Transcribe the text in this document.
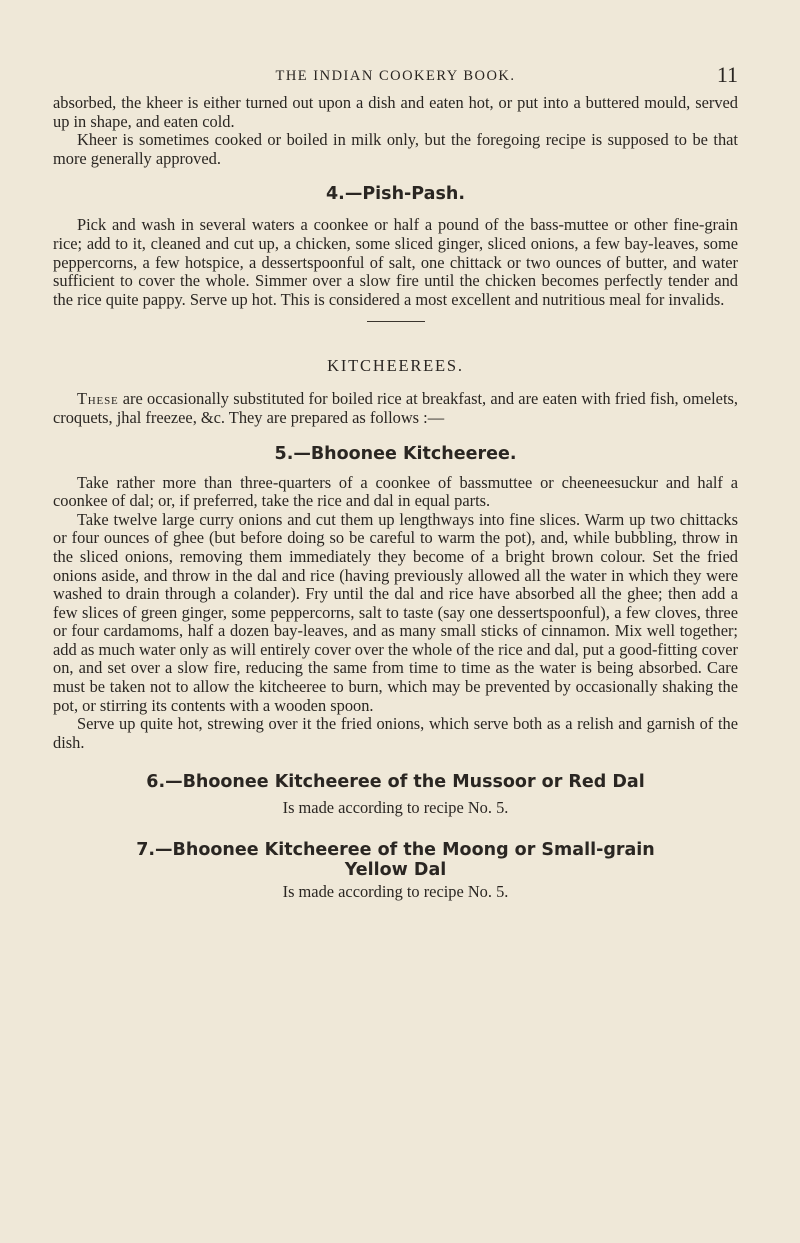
THE INDIAN COOKERY BOOK.	11

absorbed, the kheer is either turned out upon a dish and eaten hot, or put into a buttered mould, served up in shape, and eaten cold.

Kheer is sometimes cooked or boiled in milk only, but the foregoing recipe is supposed to be that more generally approved.

4.—Pish-Pash.

Pick and wash in several waters a coonkee or half a pound of the bass-muttee or other fine-grain rice; add to it, cleaned and cut up, a chicken, some sliced ginger, sliced onions, a few bay-leaves, some peppercorns, a few hotspice, a dessertspoonful of salt, one chittack or two ounces of butter, and water sufficient to cover the whole. Simmer over a slow fire until the chicken becomes perfectly tender and the rice quite pappy. Serve up hot. This is considered a most excellent and nutritious meal for invalids.

KITCHEEREES.

These are occasionally substituted for boiled rice at breakfast, and are eaten with fried fish, omelets, croquets, jhal freezee, &c. They are prepared as follows :—

5.—Bhoonee Kitcheeree.

Take rather more than three-quarters of a coonkee of bassmuttee or cheeneesuckur and half a coonkee of dal; or, if preferred, take the rice and dal in equal parts.

Take twelve large curry onions and cut them up lengthways into fine slices. Warm up two chittacks or four ounces of ghee (but before doing so be careful to warm the pot), and, while bubbling, throw in the sliced onions, removing them immediately they become of a bright brown colour. Set the fried onions aside, and throw in the dal and rice (having previously allowed all the water in which they were washed to drain through a colander). Fry until the dal and rice have absorbed all the ghee; then add a few slices of green ginger, some peppercorns, salt to taste (say one dessertspoonful), a few cloves, three or four cardamoms, half a dozen bay-leaves, and as many small sticks of cinnamon. Mix well together; add as much water only as will entirely cover over the whole of the rice and dal, put a good-fitting cover on, and set over a slow fire, reducing the same from time to time as the water is being absorbed. Care must be taken not to allow the kitcheeree to burn, which may be prevented by occasionally shaking the pot, or stirring its contents with a wooden spoon.

Serve up quite hot, strewing over it the fried onions, which serve both as a relish and garnish of the dish.

6.—Bhoonee Kitcheeree of the Mussoor or Red Dal
Is made according to recipe No. 5.
7.—Bhoonee Kitcheeree of the Moong or Small-grain
Yellow Dal
Is made according to recipe No. 5.
